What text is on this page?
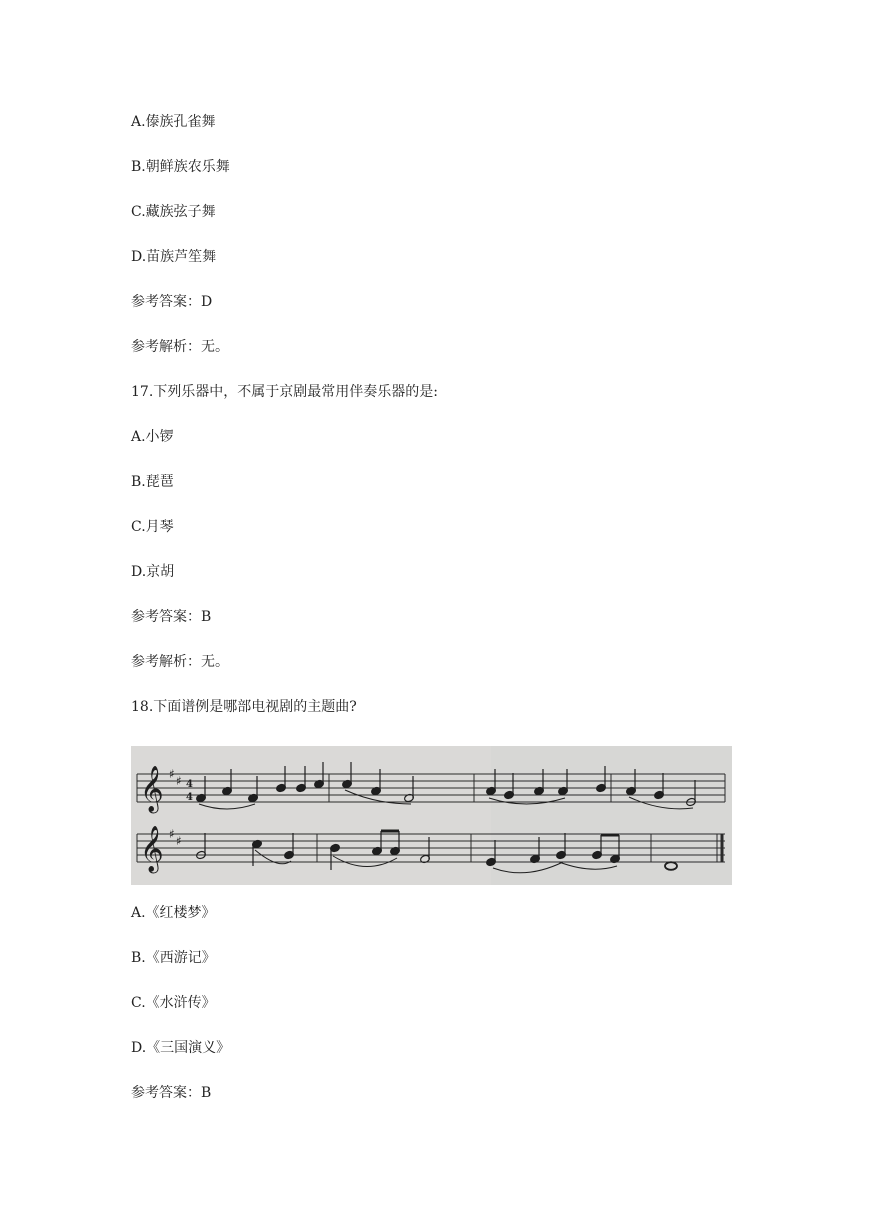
A.傣族孔雀舞

B.朝鲜族农乐舞

C.藏族弦子舞

D.苗族芦笙舞

参考答案：D

参考解析：无。

17.下列乐器中，不属于京剧最常用伴奏乐器的是:

A.小锣

B.琵琶

C.月琴

D.京胡

参考答案：B

参考解析：无。

18.下面谱例是哪部电视剧的主题曲?

𝄞
𝄞
♯ ♯
♯ ♯
4
4

A.《红楼梦》

B.《西游记》

C.《水浒传》

D.《三国演义》

参考答案：B
